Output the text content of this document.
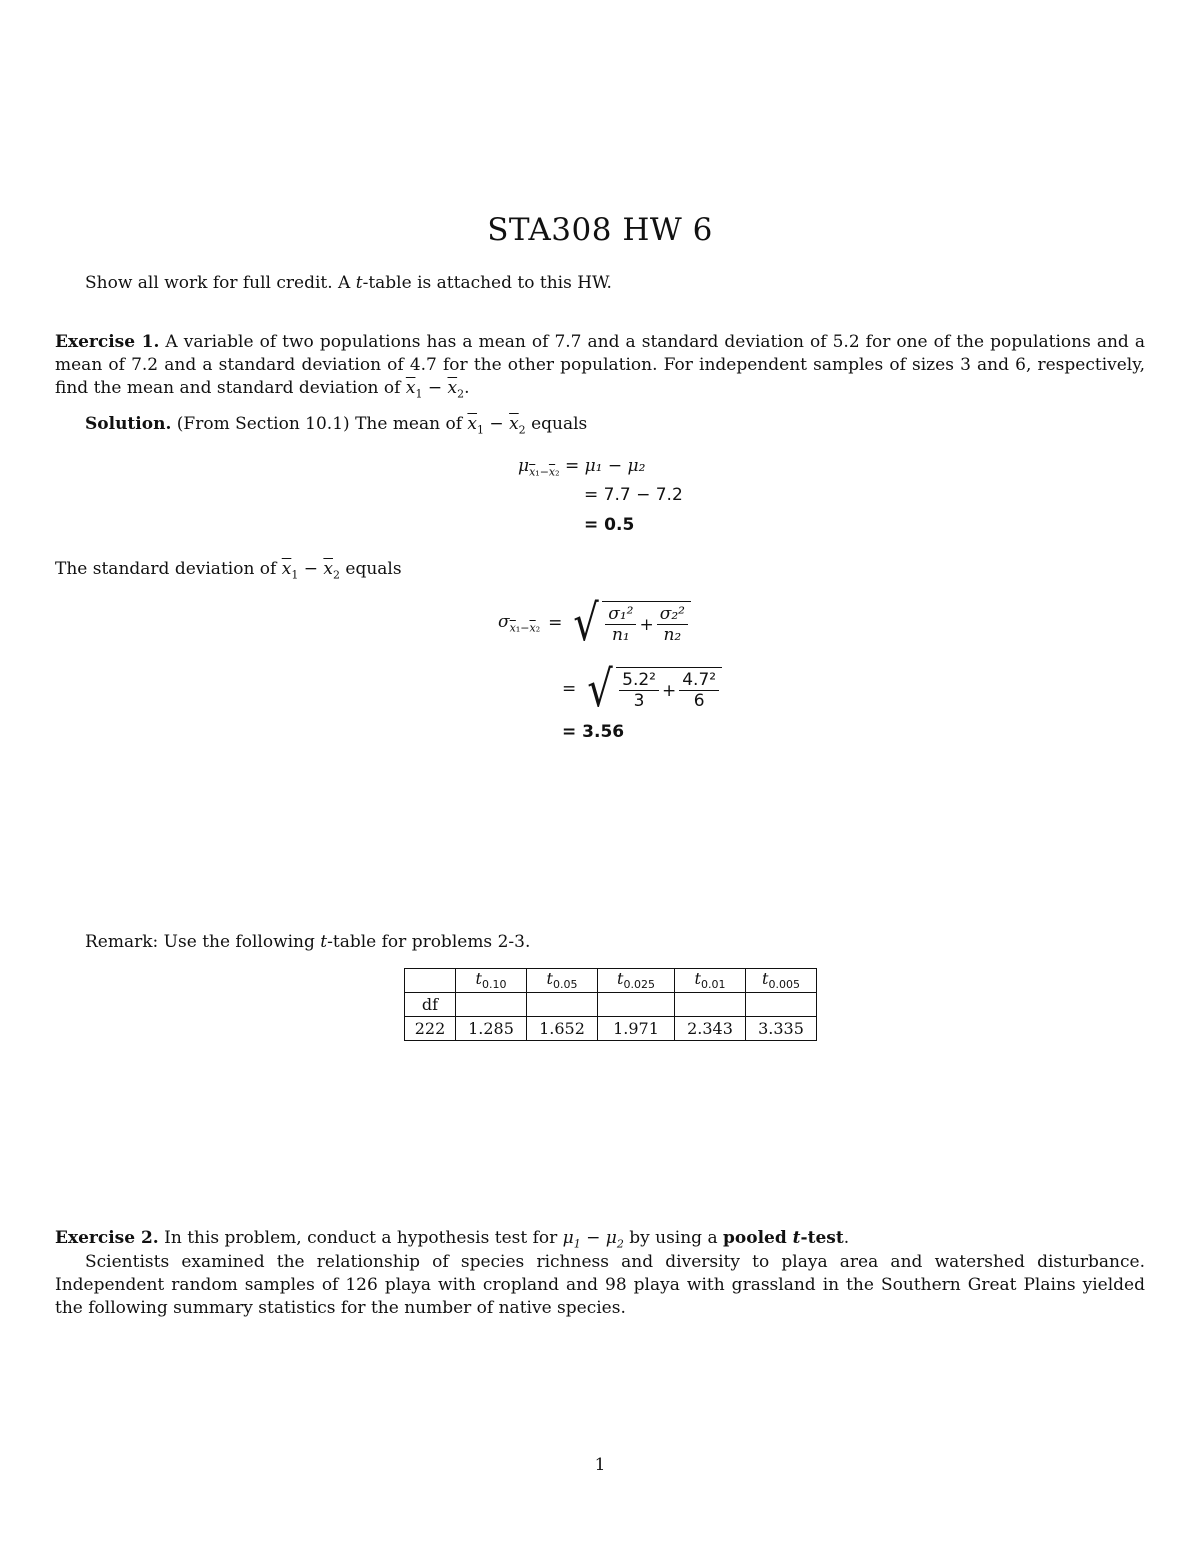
STA308 HW 6
Show all work for full credit. A t-table is attached to this HW.
Exercise 1. A variable of two populations has a mean of 7.7 and a standard deviation of 5.2 for one of the populations and a mean of 7.2 and a standard deviation of 4.7 for the other population. For independent samples of sizes 3 and 6, respectively, find the mean and standard deviation of $\overline{x}_1 - \overline{x}_2$.
Solution. (From Section 10.1) The mean of $\overline{x}_1 - \overline{x}_2$ equals
$\mu_{\overline{x}_1-\overline{x}_2} = \mu_1 - \mu_2$
= 7.7 − 7.2
= 0.5
The standard deviation of $\overline{x}_1 - \overline{x}_2$ equals
$\sigma_{\overline{x}_1-\overline{x}_2}$ = √ $\frac{\text{σ₁²}}{\text{n₁}} + \frac{\text{σ₂²}}{\text{n₂}}$
= √ $\frac{\text{5.2²}}{3} + \frac{\text{4.7²}}{6}$
= 3.56
Remark: Use the following t-table for problems 2-3.
	$t_{0.10}$	$t_{0.05}$	$t_{0.025}$	$t_{0.01}$	$t_{0.005}$
df					
222	1.285	1.652	1.971	2.343	3.335
Exercise 2. In this problem, conduct a hypothesis test for $\mu_1 - \mu_2$ by using a pooled t-test.
Scientists examined the relationship of species richness and diversity to playa area and watershed disturbance. Independent random samples of 126 playa with cropland and 98 playa with grassland in the Southern Great Plains yielded the following summary statistics for the number of native species.
1
